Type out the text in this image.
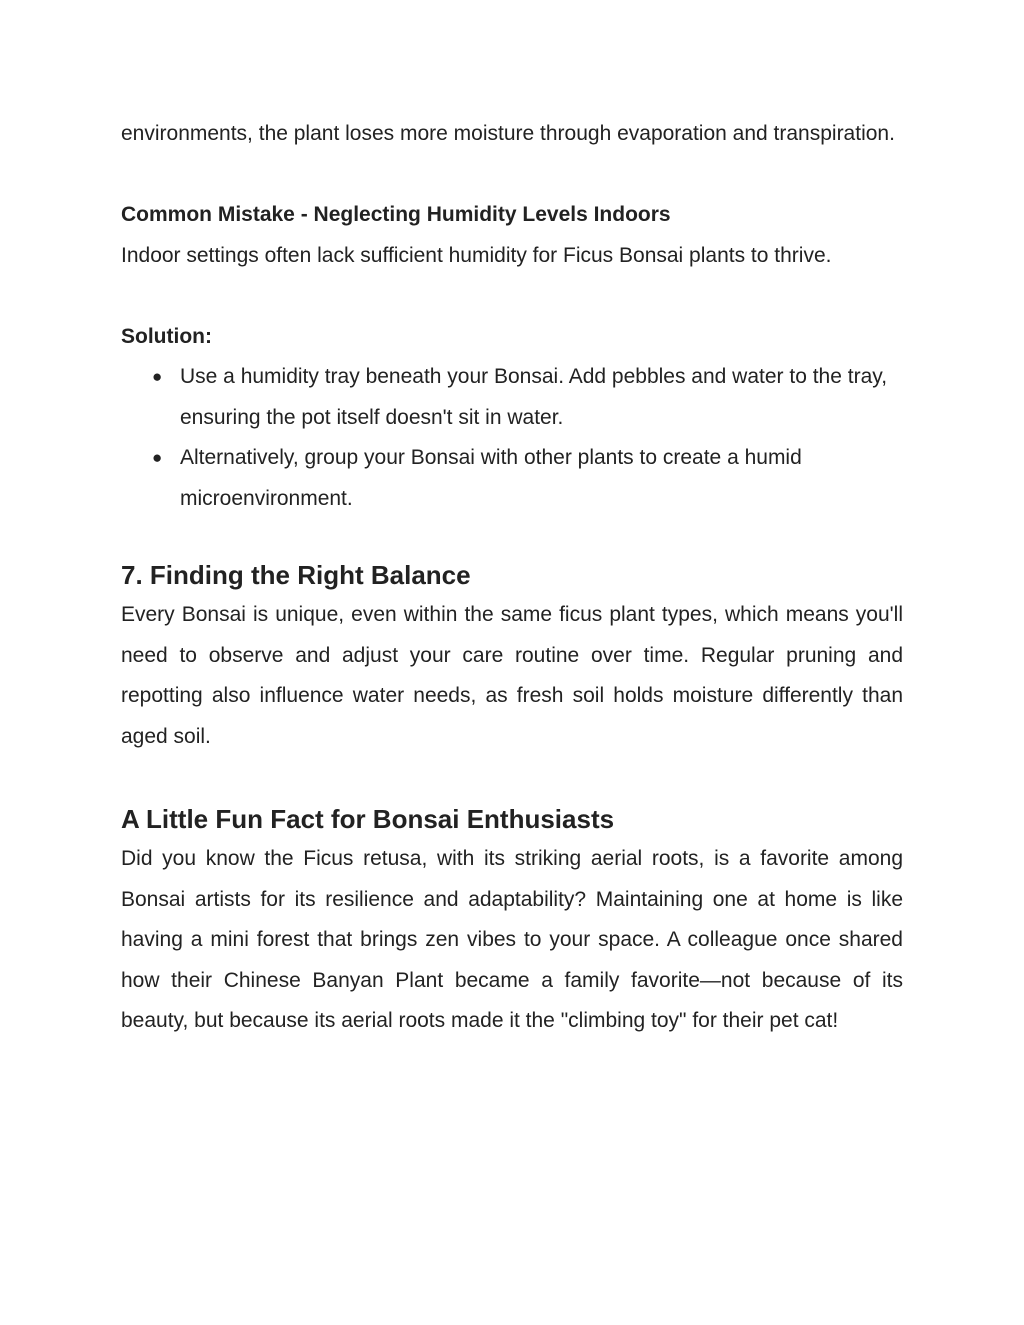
environments, the plant loses more moisture through evaporation and transpiration.

Common Mistake - Neglecting Humidity Levels Indoors

Indoor settings often lack sufficient humidity for Ficus Bonsai plants to thrive.

Solution:
● Use a humidity tray beneath your Bonsai. Add pebbles and water to the tray, ensuring the pot itself doesn't sit in water.
● Alternatively, group your Bonsai with other plants to create a humid microenvironment.
7. Finding the Right Balance

Every Bonsai is unique, even within the same ficus plant types, which means you'll need to observe and adjust your care routine over time. Regular pruning and repotting also influence water needs, as fresh soil holds moisture differently than aged soil.

A Little Fun Fact for Bonsai Enthusiasts

Did you know the Ficus retusa, with its striking aerial roots, is a favorite among Bonsai artists for its resilience and adaptability? Maintaining one at home is like having a mini forest that brings zen vibes to your space. A colleague once shared how their Chinese Banyan Plant became a family favorite—not because of its beauty, but because its aerial roots made it the "climbing toy" for their pet cat!
